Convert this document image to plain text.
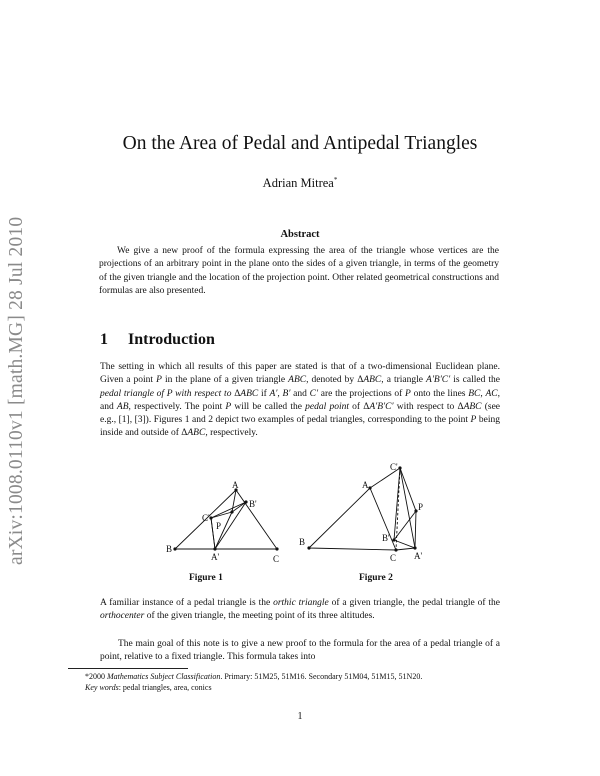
arXiv:1008.0110v1 [math.MG] 28 Jul 2010
On the Area of Pedal and Antipedal Triangles
Adrian Mitrea*
Abstract
We give a new proof of the formula expressing the area of the triangle whose vertices are the projections of an arbitrary point in the plane onto the sides of a given triangle, in terms of the geometry of the given triangle and the location of the projection point. Other related geometrical constructions and formulas are also presented.
1 Introduction
The setting in which all results of this paper are stated is that of a two-dimensional Euclidean plane. Given a point P in the plane of a given triangle ABC, denoted by ΔABC, a triangle A′B′C′ is called the pedal triangle of P with respect to ΔABC if A′, B′ and C′ are the projections of P onto the lines BC, AC, and AB, respectively. The point P will be called the pedal point of ΔA′B′C′ with respect to ΔABC (see e.g., [1], [3]). Figures 1 and 2 depict two examples of pedal triangles, corresponding to the point P being inside and outside of ΔABC, respectively.
A
B
C
A'
B'
C'
P
Figure 1
A
B
C A'
B'
C'
P
Figure 2
A familiar instance of a pedal triangle is the orthic triangle of a given triangle, the pedal triangle of the orthocenter of the given triangle, the meeting point of its three altitudes.
The main goal of this note is to give a new proof to the formula for the area of a pedal triangle of a point, relative to a fixed triangle. This formula takes into
*2000 Mathematics Subject Classification. Primary: 51M25, 51M16. Secondary 51M04, 51M15, 51N20.
Key words: pedal triangles, area, conics
1
